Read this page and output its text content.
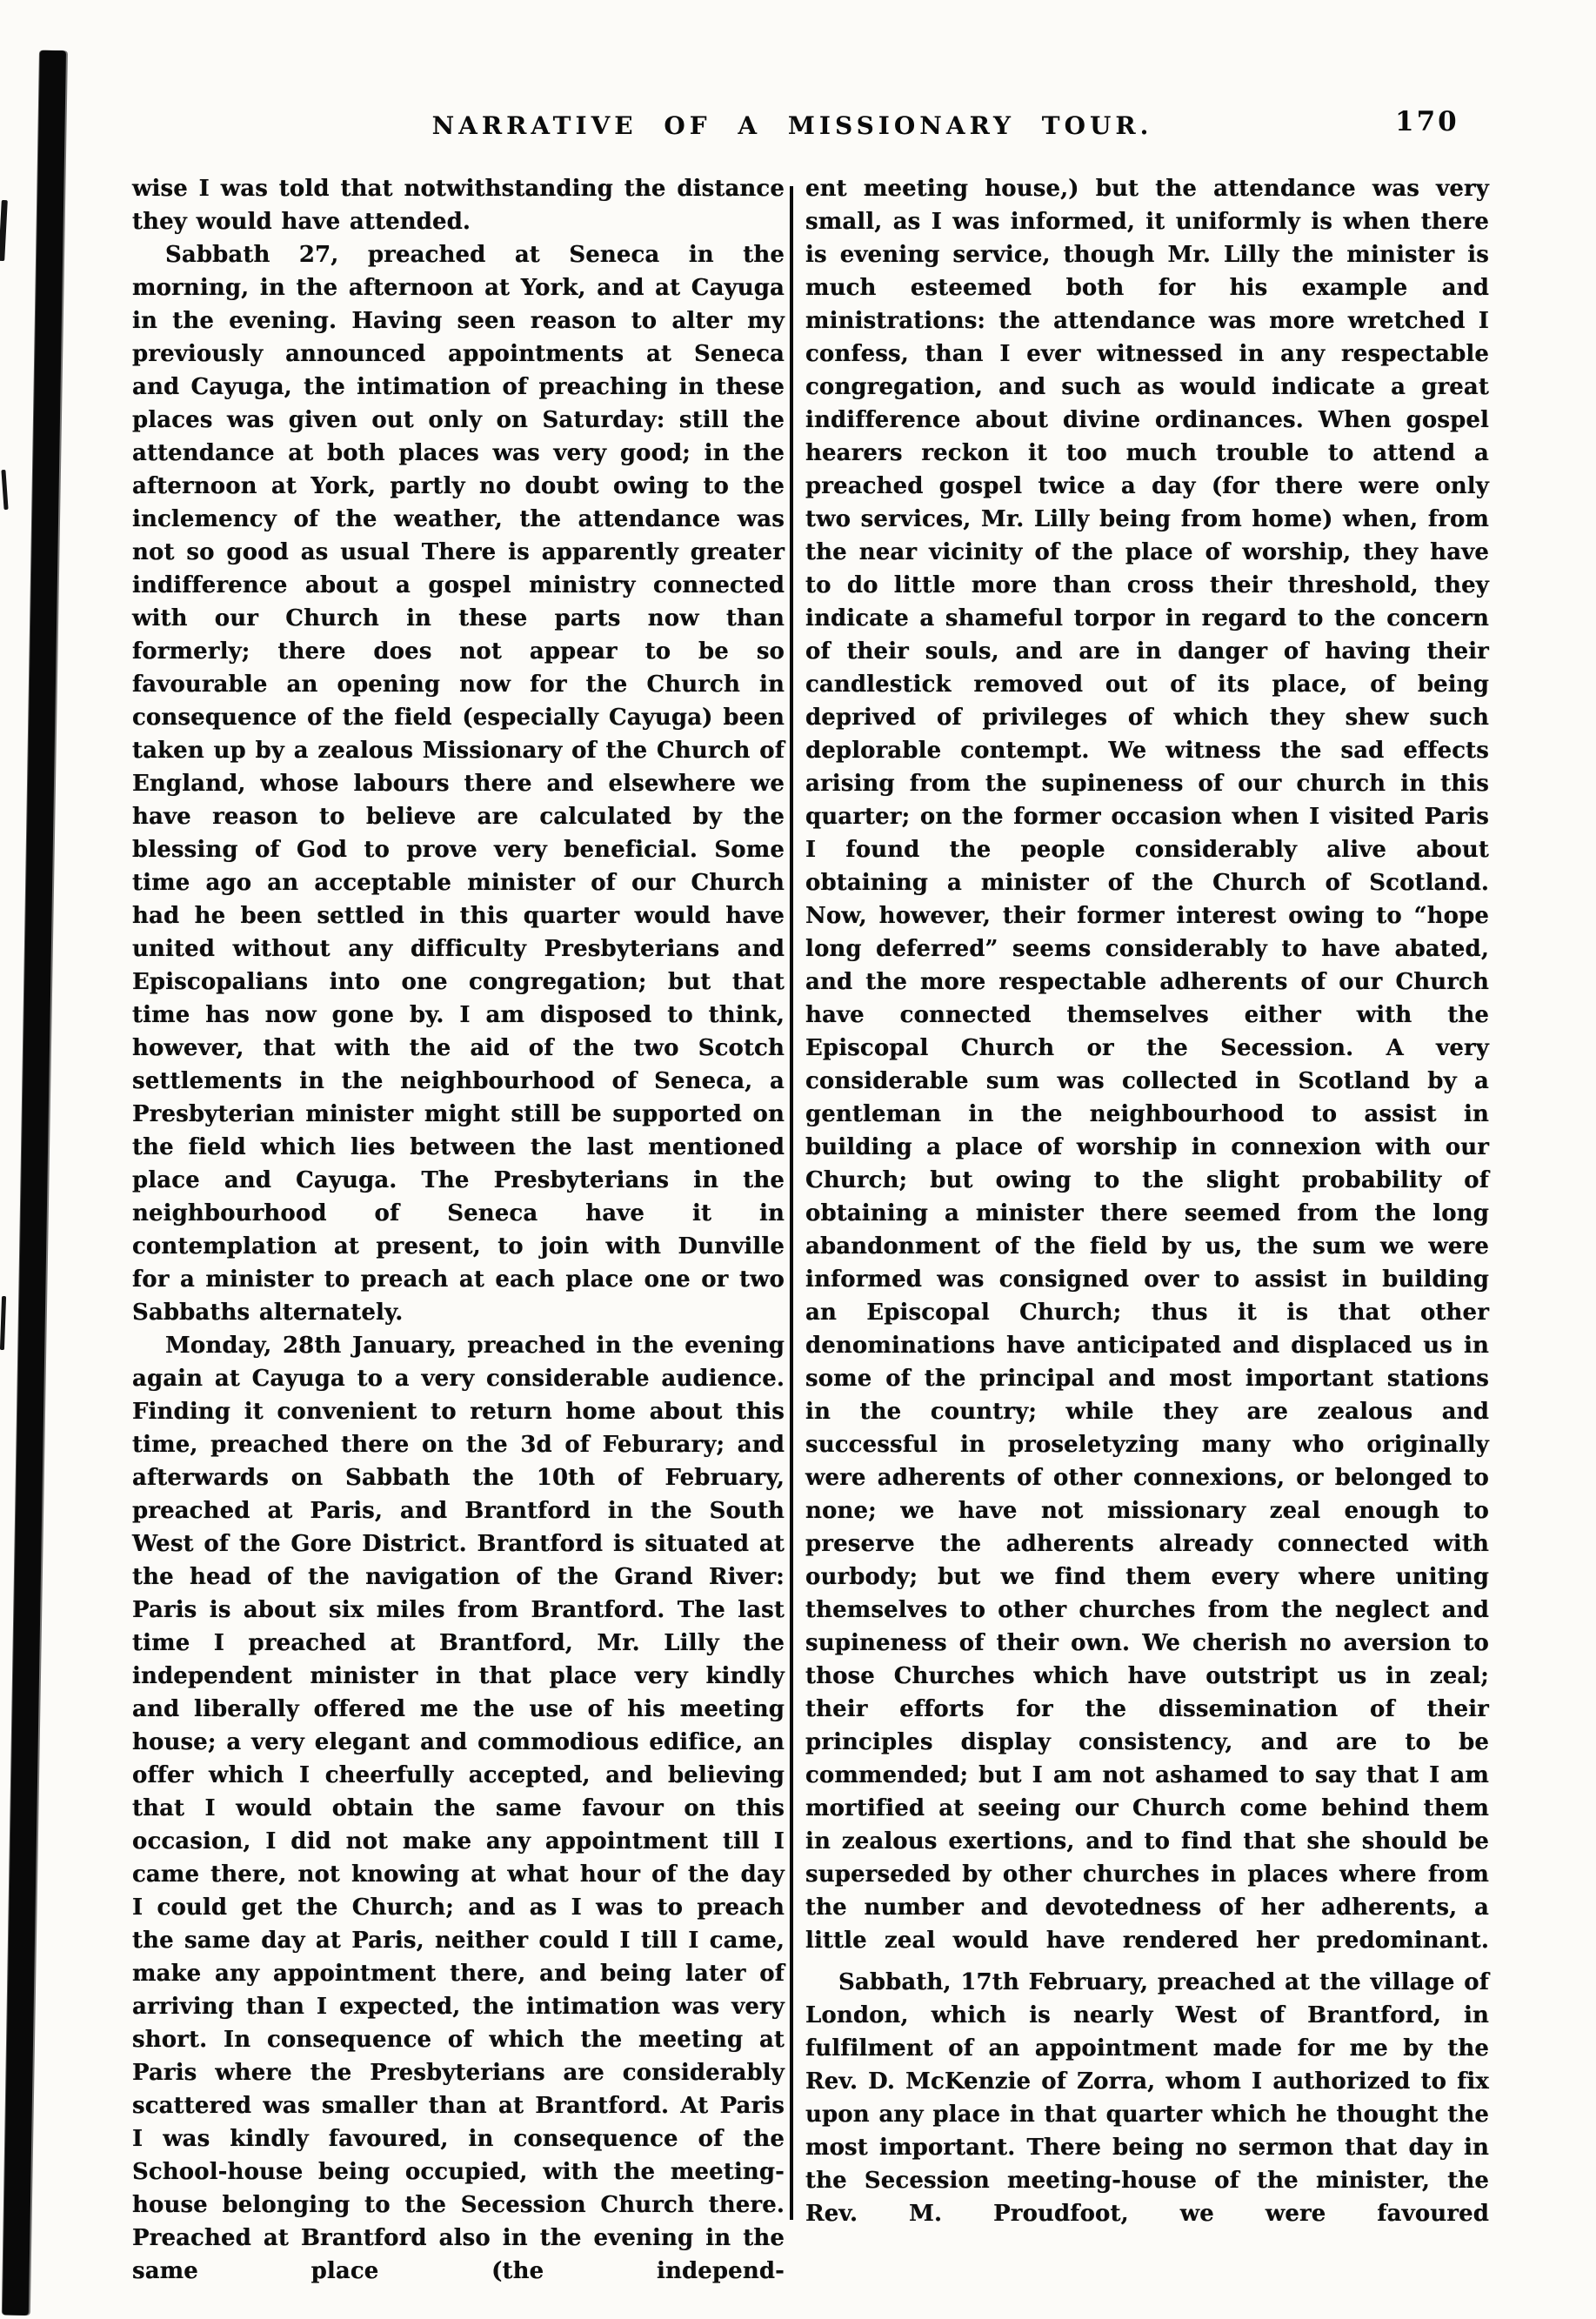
NARRATIVE OF A MISSIONARY TOUR.	170

wise I was told that notwithstanding the distance they would have attended.

Sabbath 27, preached at Seneca in the morning, in the afternoon at York, and at Cayuga in the evening. Having seen reason to alter my previously announced appointments at Seneca and Cayuga, the intimation of preaching in these places was given out only on Saturday: still the attendance at both places was very good; in the afternoon at York, partly no doubt owing to the inclemency of the weather, the attendance was not so good as usual There is apparently greater indifference about a gospel ministry connected with our Church in these parts now than formerly; there does not appear to be so favourable an opening now for the Church in consequence of the field (especially Cayuga) been taken up by a zealous Missionary of the Church of England, whose labours there and elsewhere we have reason to believe are calculated by the blessing of God to prove very beneficial. Some time ago an acceptable minister of our Church had he been settled in this quarter would have united without any difficulty Presbyterians and Episcopalians into one congregation; but that time has now gone by. I am disposed to think, however, that with the aid of the two Scotch settlements in the neighbourhood of Seneca, a Presbyterian minister might still be supported on the field which lies between the last mentioned place and Cayuga. The Presbyterians in the neighbourhood of Seneca have it in contemplation at present, to join with Dunville for a minister to preach at each place one or two Sabbaths alternately.

Monday, 28th January, preached in the evening again at Cayuga to a very considerable audience. Finding it convenient to return home about this time, preached there on the 3d of Feburary; and afterwards on Sabbath the 10th of February, preached at Paris, and Brantford in the South West of the Gore District. Brantford is situated at the head of the navigation of the Grand River: Paris is about six miles from Brantford. The last time I preached at Brantford, Mr. Lilly the independent minister in that place very kindly and liberally offered me the use of his meeting house; a very elegant and commodious edifice, an offer which I cheerfully accepted, and believing that I would obtain the same favour on this occasion, I did not make any appointment till I came there, not knowing at what hour of the day I could get the Church; and as I was to preach the same day at Paris, neither could I till I came, make any appointment there, and being later of arriving than I expected, the intimation was very short. In consequence of which the meeting at Paris where the Presbyterians are considerably scattered was smaller than at Brantford. At Paris I was kindly favoured, in consequence of the School-house being occupied, with the meeting-house belonging to the Secession Church there. Preached at Brantford also in the evening in the same place (the independ-

ent meeting house,) but the attendance was very small, as I was informed, it uniformly is when there is evening service, though Mr. Lilly the minister is much esteemed both for his example and ministrations: the attendance was more wretched I confess, than I ever witnessed in any respectable congregation, and such as would indicate a great indifference about divine ordinances. When gospel hearers reckon it too much trouble to attend a preached gospel twice a day (for there were only two services, Mr. Lilly being from home) when, from the near vicinity of the place of worship, they have to do little more than cross their threshold, they indicate a shameful torpor in regard to the concern of their souls, and are in danger of having their candlestick removed out of its place, of being deprived of privileges of which they shew such deplorable contempt. We witness the sad effects arising from the supineness of our church in this quarter; on the former occasion when I visited Paris I found the people considerably alive about obtaining a minister of the Church of Scotland. Now, however, their former interest owing to “hope long deferred” seems considerably to have abated, and the more respectable adherents of our Church have connected themselves either with the Episcopal Church or the Secession. A very considerable sum was collected in Scotland by a gentleman in the neighbourhood to assist in building a place of worship in connexion with our Church; but owing to the slight probability of obtaining a minister there seemed from the long abandonment of the field by us, the sum we were informed was consigned over to assist in building an Episcopal Church; thus it is that other denominations have anticipated and displaced us in some of the principal and most important stations in the country; while they are zealous and successful in proseletyzing many who originally were adherents of other connexions, or belonged to none; we have not missionary zeal enough to preserve the adherents already connected with ourbody; but we find them every where uniting themselves to other churches from the neglect and supineness of their own. We cherish no aversion to those Churches which have outstript us in zeal; their efforts for the dissemination of their principles display consistency, and are to be commended; but I am not ashamed to say that I am mortified at seeing our Church come behind them in zealous exertions, and to find that she should be superseded by other churches in places where from the number and devotedness of her adherents, a little zeal would have rendered her predominant.

Sabbath, 17th February, preached at the village of London, which is nearly West of Brantford, in fulfilment of an appointment made for me by the Rev. D. McKenzie of Zorra, whom I authorized to fix upon any place in that quarter which he thought the most important. There being no sermon that day in the Secession meeting-house of the minister, the Rev. M. Proudfoot, we were favoured
